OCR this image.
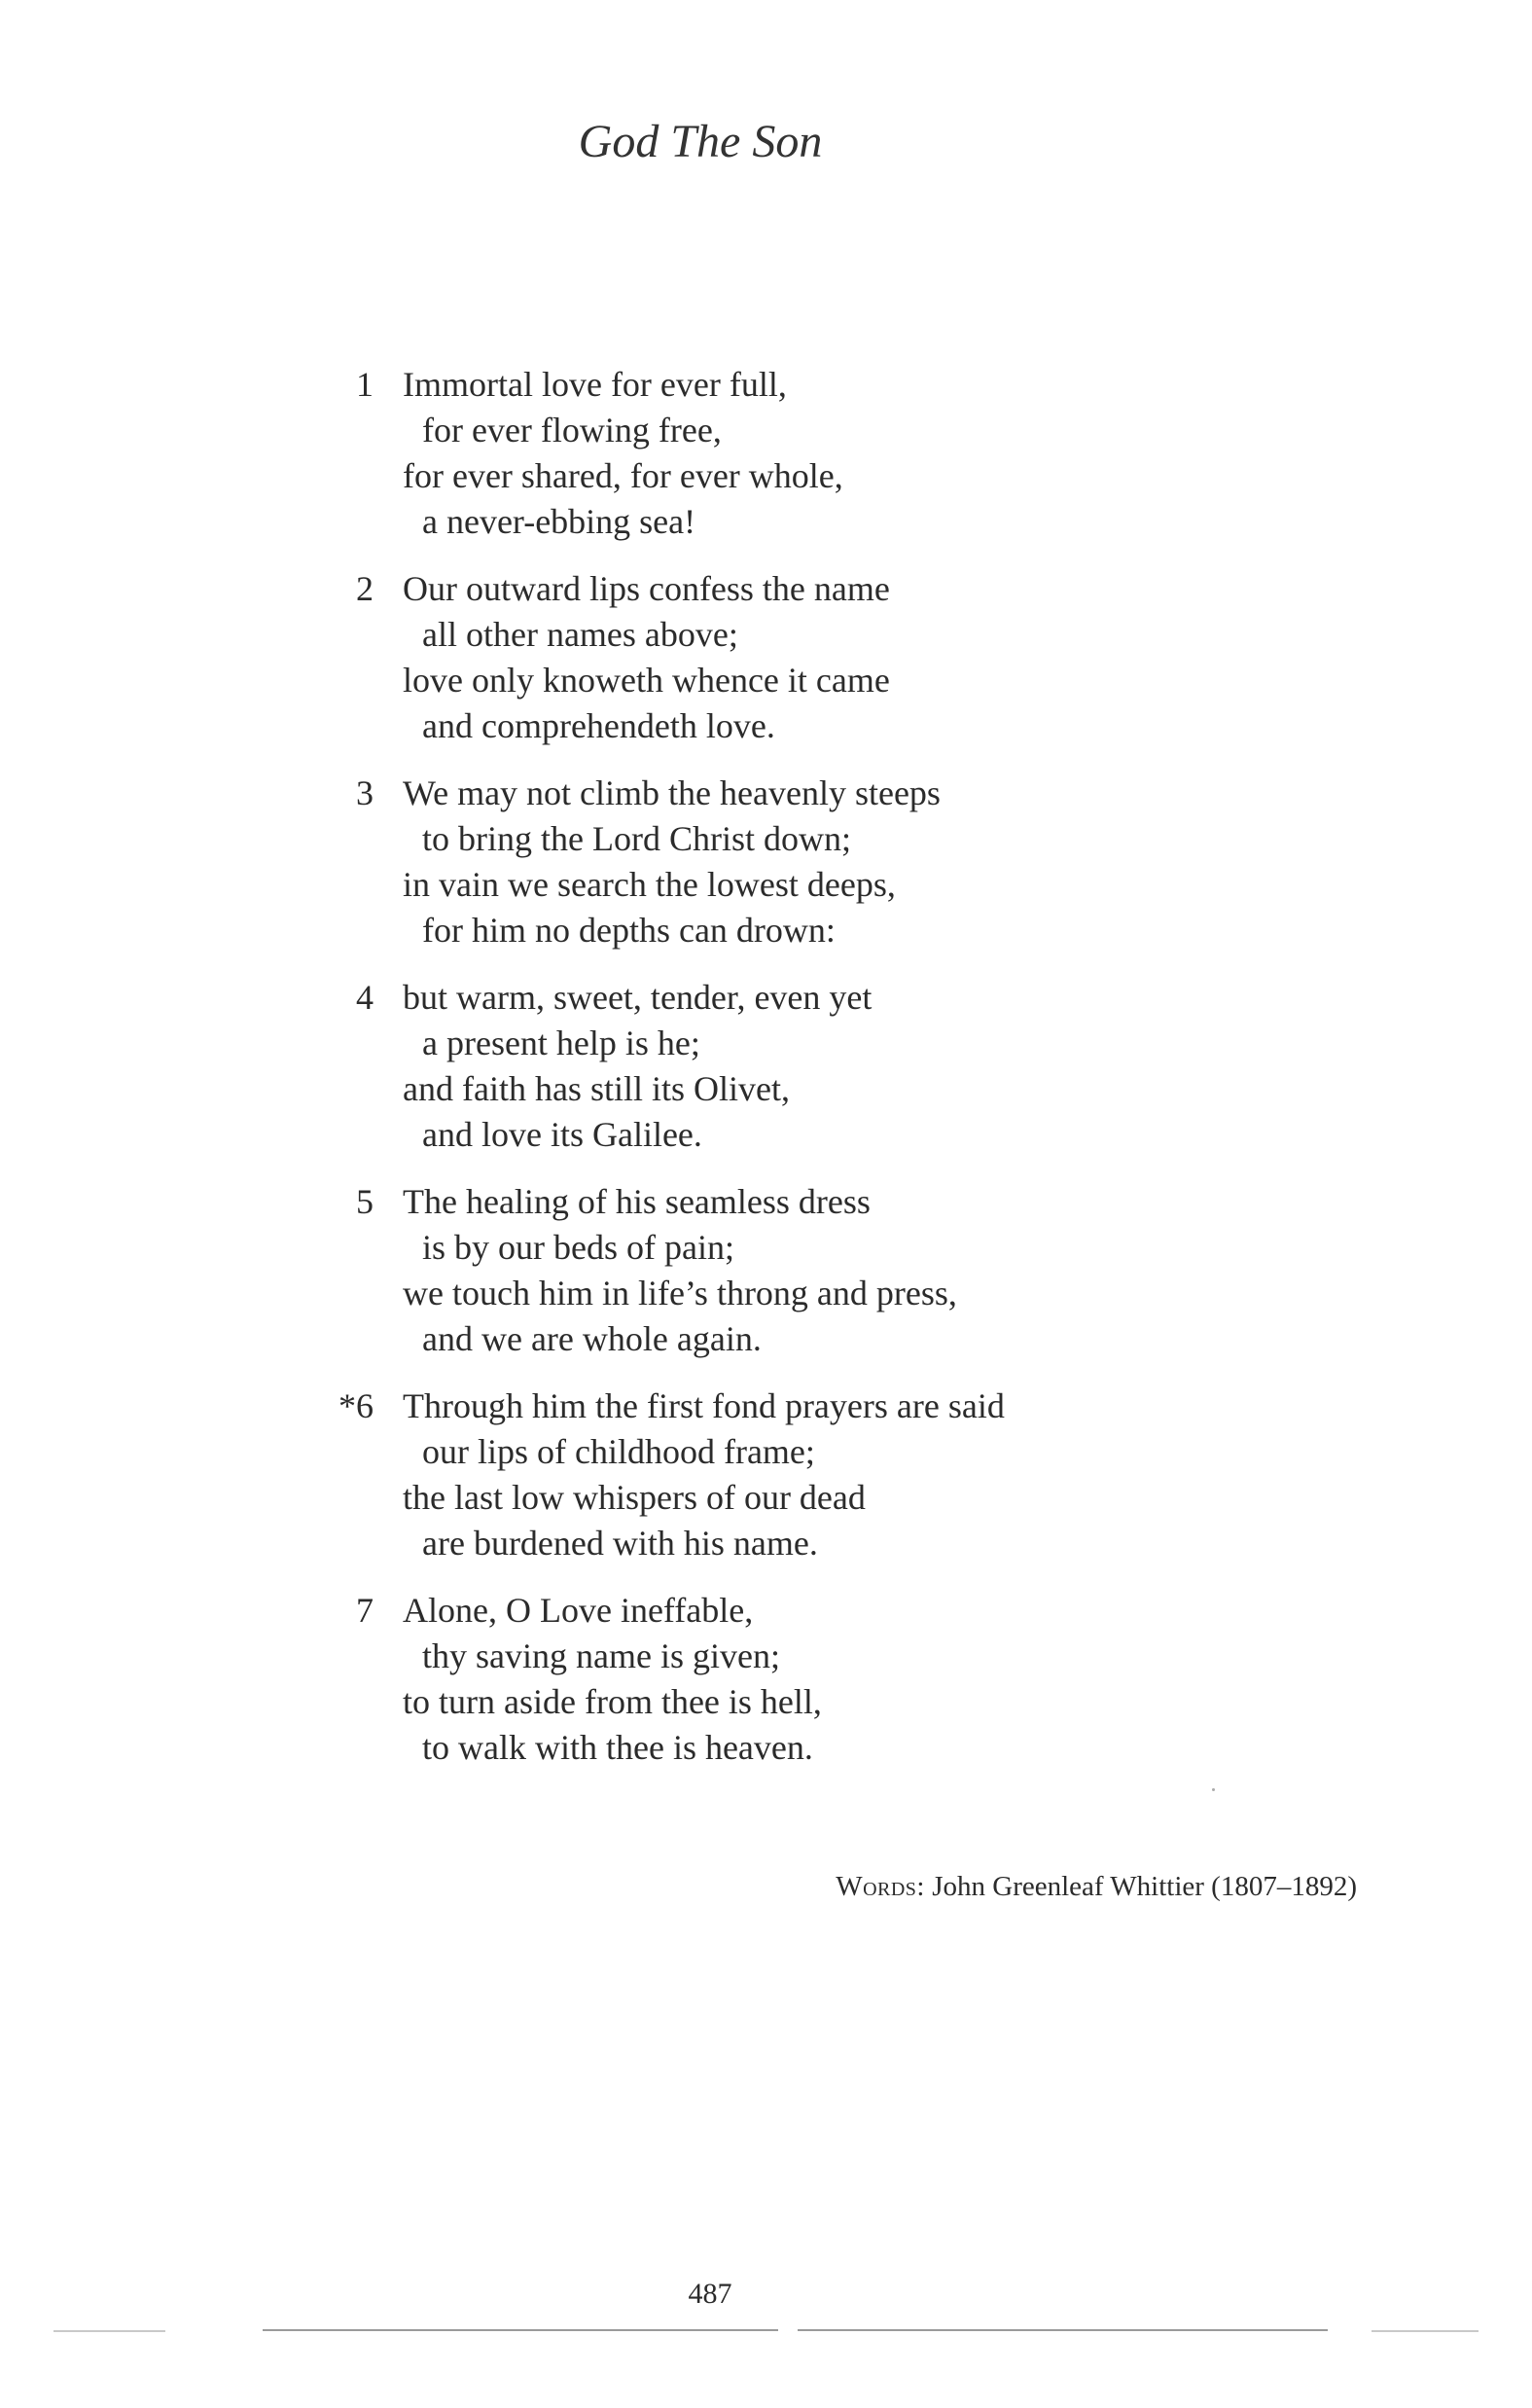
God The Son
1 Immortal love for ever full,
for ever flowing free,
for ever shared, for ever whole,
a never-ebbing sea!
2 Our outward lips confess the name
all other names above;
love only knoweth whence it came
and comprehendeth love.
3 We may not climb the heavenly steeps
to bring the Lord Christ down;
in vain we search the lowest deeps,
for him no depths can drown:
4 but warm, sweet, tender, even yet
a present help is he;
and faith has still its Olivet,
and love its Galilee.
5 The healing of his seamless dress
is by our beds of pain;
we touch him in life’s throng and press,
and we are whole again.
*6 Through him the first fond prayers are said
our lips of childhood frame;
the last low whispers of our dead
are burdened with his name.
7 Alone, O Love ineffable,
thy saving name is given;
to turn aside from thee is hell,
to walk with thee is heaven.
Words: John Greenleaf Whittier (1807–1892)
487
